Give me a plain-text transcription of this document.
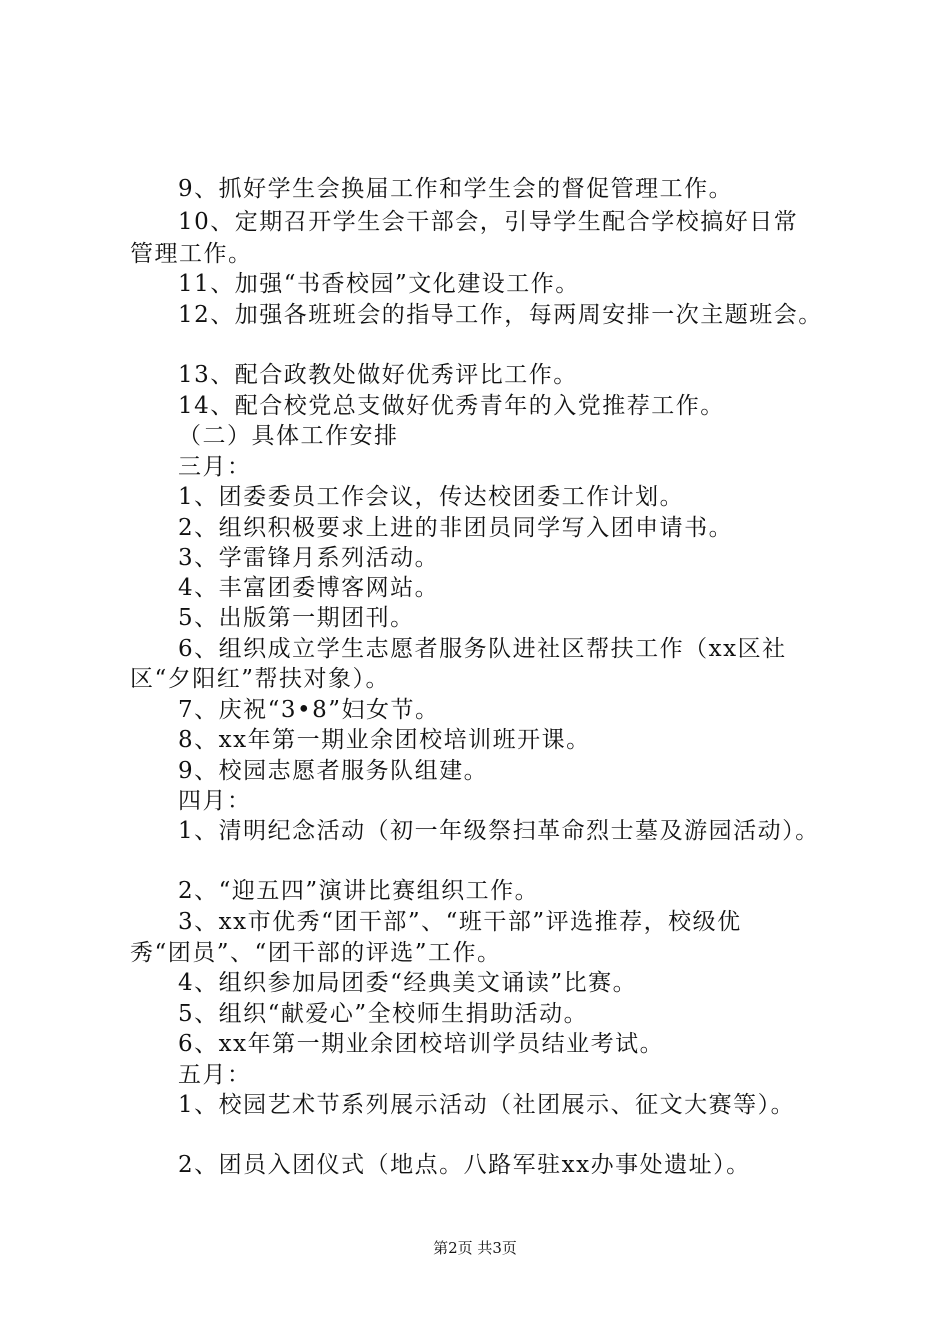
9、抓好学生会换届工作和学生会的督促管理工作。
10、定期召开学生会干部会，引导学生配合学校搞好日常
管理工作。
11、加强“书香校园”文化建设工作。
12、加强各班班会的指导工作，每两周安排一次主题班会。
13、配合政教处做好优秀评比工作。
14、配合校党总支做好优秀青年的入党推荐工作。
（二）具体工作安排
三月：
1、团委委员工作会议，传达校团委工作计划。
2、组织积极要求上进的非团员同学写入团申请书。
3、学雷锋月系列活动。
4、丰富团委博客网站。
5、出版第一期团刊。
6、组织成立学生志愿者服务队进社区帮扶工作（xx区社
区“夕阳红”帮扶对象）。
7、庆祝“3•8”妇女节。
8、xx年第一期业余团校培训班开课。
9、校园志愿者服务队组建。
四月：
1、清明纪念活动（初一年级祭扫革命烈士墓及游园活动）。
2、“迎五四”演讲比赛组织工作。
3、xx市优秀“团干部”、“班干部”评选推荐，校级优
秀“团员”、“团干部的评选”工作。
4、组织参加局团委“经典美文诵读”比赛。
5、组织“献爱心”全校师生捐助活动。
6、xx年第一期业余团校培训学员结业考试。
五月：
1、校园艺术节系列展示活动（社团展示、征文大赛等）。
2、团员入团仪式（地点。八路军驻xx办事处遗址）。
第2页 共3页
